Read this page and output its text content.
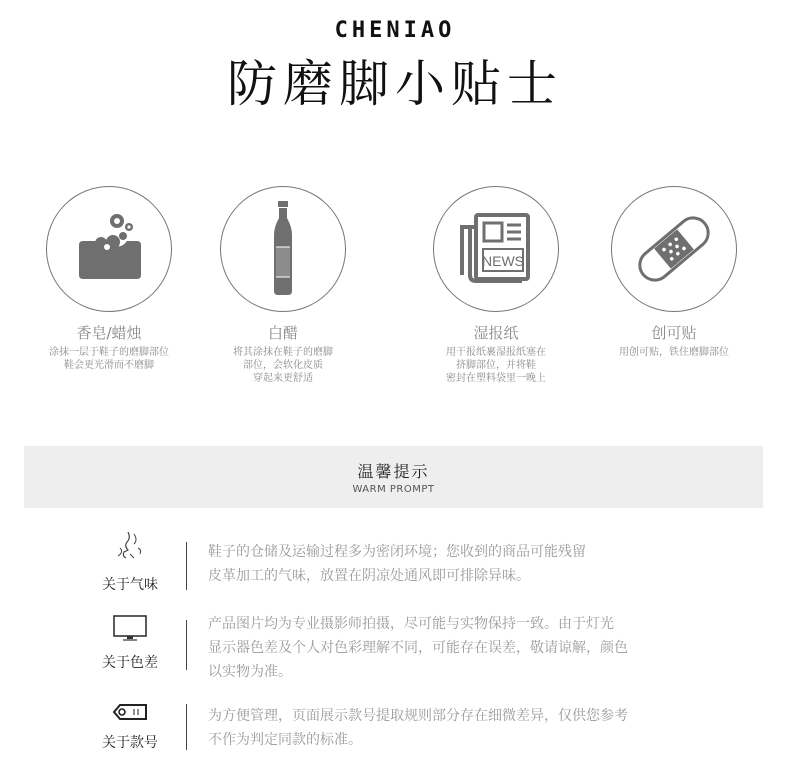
CHENIAO
防磨脚小贴士
香皂/蜡烛
涂抹一层于鞋子的磨脚部位
鞋会更光滑而不磨脚
白醋
将其涂抹在鞋子的磨脚
部位，会软化皮质
穿起来更舒适
NEWS
湿报纸
用干报纸裹湿报纸塞在
挤脚部位，并将鞋
密封在塑料袋里一晚上
创可贴
用创可贴，铁住磨脚部位
温馨提示
WARM PROMPT
关于气味
鞋子的仓储及运输过程多为密闭环境；您收到的商品可能残留
皮革加工的气味，放置在阴凉处通风即可排除异味。
关于色差
产品图片均为专业摄影师拍摄，尽可能与实物保持一致。由于灯光
显示器色差及个人对色彩理解不同，可能存在误差，敬请谅解，颜色
以实物为准。
关于款号
为方便管理，页面展示款号提取规则部分存在细微差异，仅供您参考
不作为判定同款的标准。
